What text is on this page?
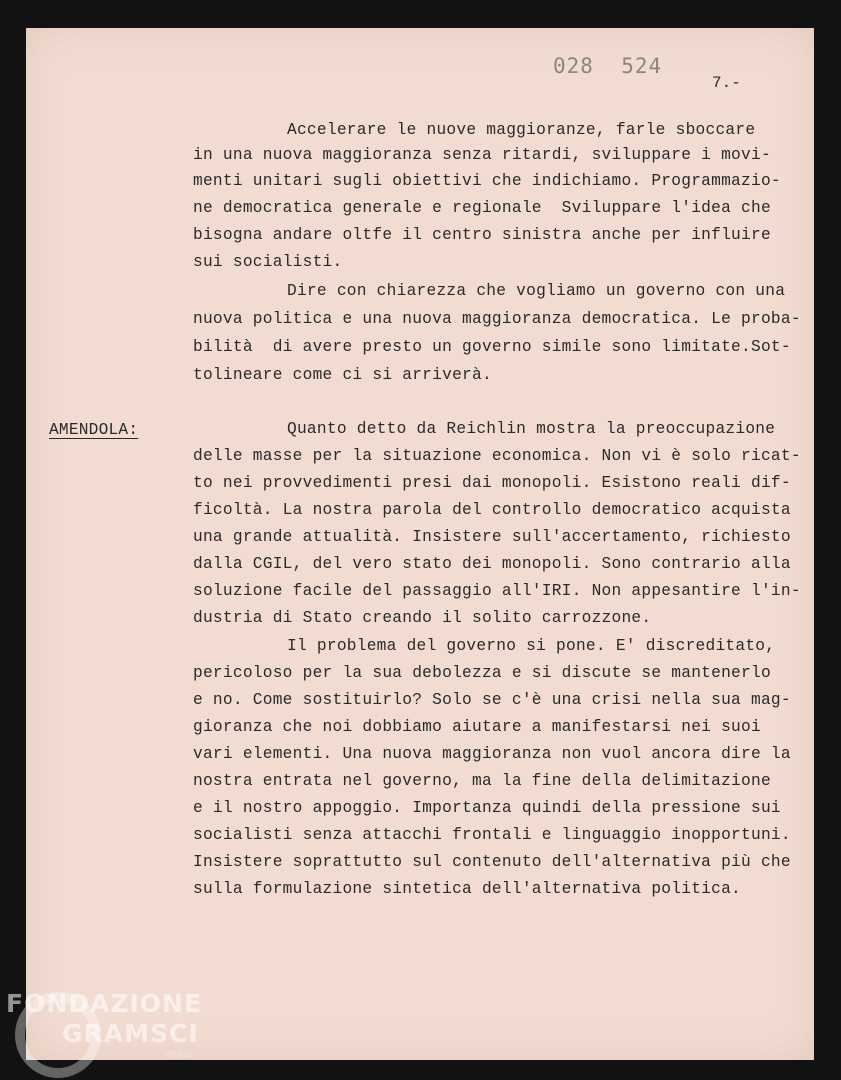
028  524
7.-
AMENDOLA:
Accelerare le nuove maggioranze, farle sboccare
in una nuova maggioranza senza ritardi, sviluppare i movi-
menti unitari sugli obiettivi che indichiamo. Programmazio-
ne democratica generale e regionale  Sviluppare l'idea che
bisogna andare oltfe il centro sinistra anche per influire
sui socialisti.
Dire con chiarezza che vogliamo un governo con una
nuova politica e una nuova maggioranza democratica. Le proba-
bilità  di avere presto un governo simile sono limitate.Sot-
tolineare come ci si arriverà.
Quanto detto da Reichlin mostra la preoccupazione
delle masse per la situazione economica. Non vi è solo ricat-
to nei provvedimenti presi dai monopoli. Esistono reali dif-
ficoltà. La nostra parola del controllo democratico acquista
una grande attualità. Insistere sull'accertamento, richiesto
dalla CGIL, del vero stato dei monopoli. Sono contrario alla
soluzione facile del passaggio all'IRI. Non appesantire l'in-
dustria di Stato creando il solito carrozzone.
Il problema del governo si pone. E' discreditato,
pericoloso per la sua debolezza e si discute se mantenerlo
e no. Come sostituirlo? Solo se c'è una crisi nella sua mag-
gioranza che noi dobbiamo aiutare a manifestarsi nei suoi
vari elementi. Una nuova maggioranza non vuol ancora dire la
nostra entrata nel governo, ma la fine della delimitazione
e il nostro appoggio. Importanza quindi della pressione sui
socialisti senza attacchi frontali e linguaggio inopportuni.
Insistere soprattutto sul contenuto dell'alternativa più che
sulla formulazione sintetica dell'alternativa politica.
FONDAZIONE
GRAMSCI
onlus
